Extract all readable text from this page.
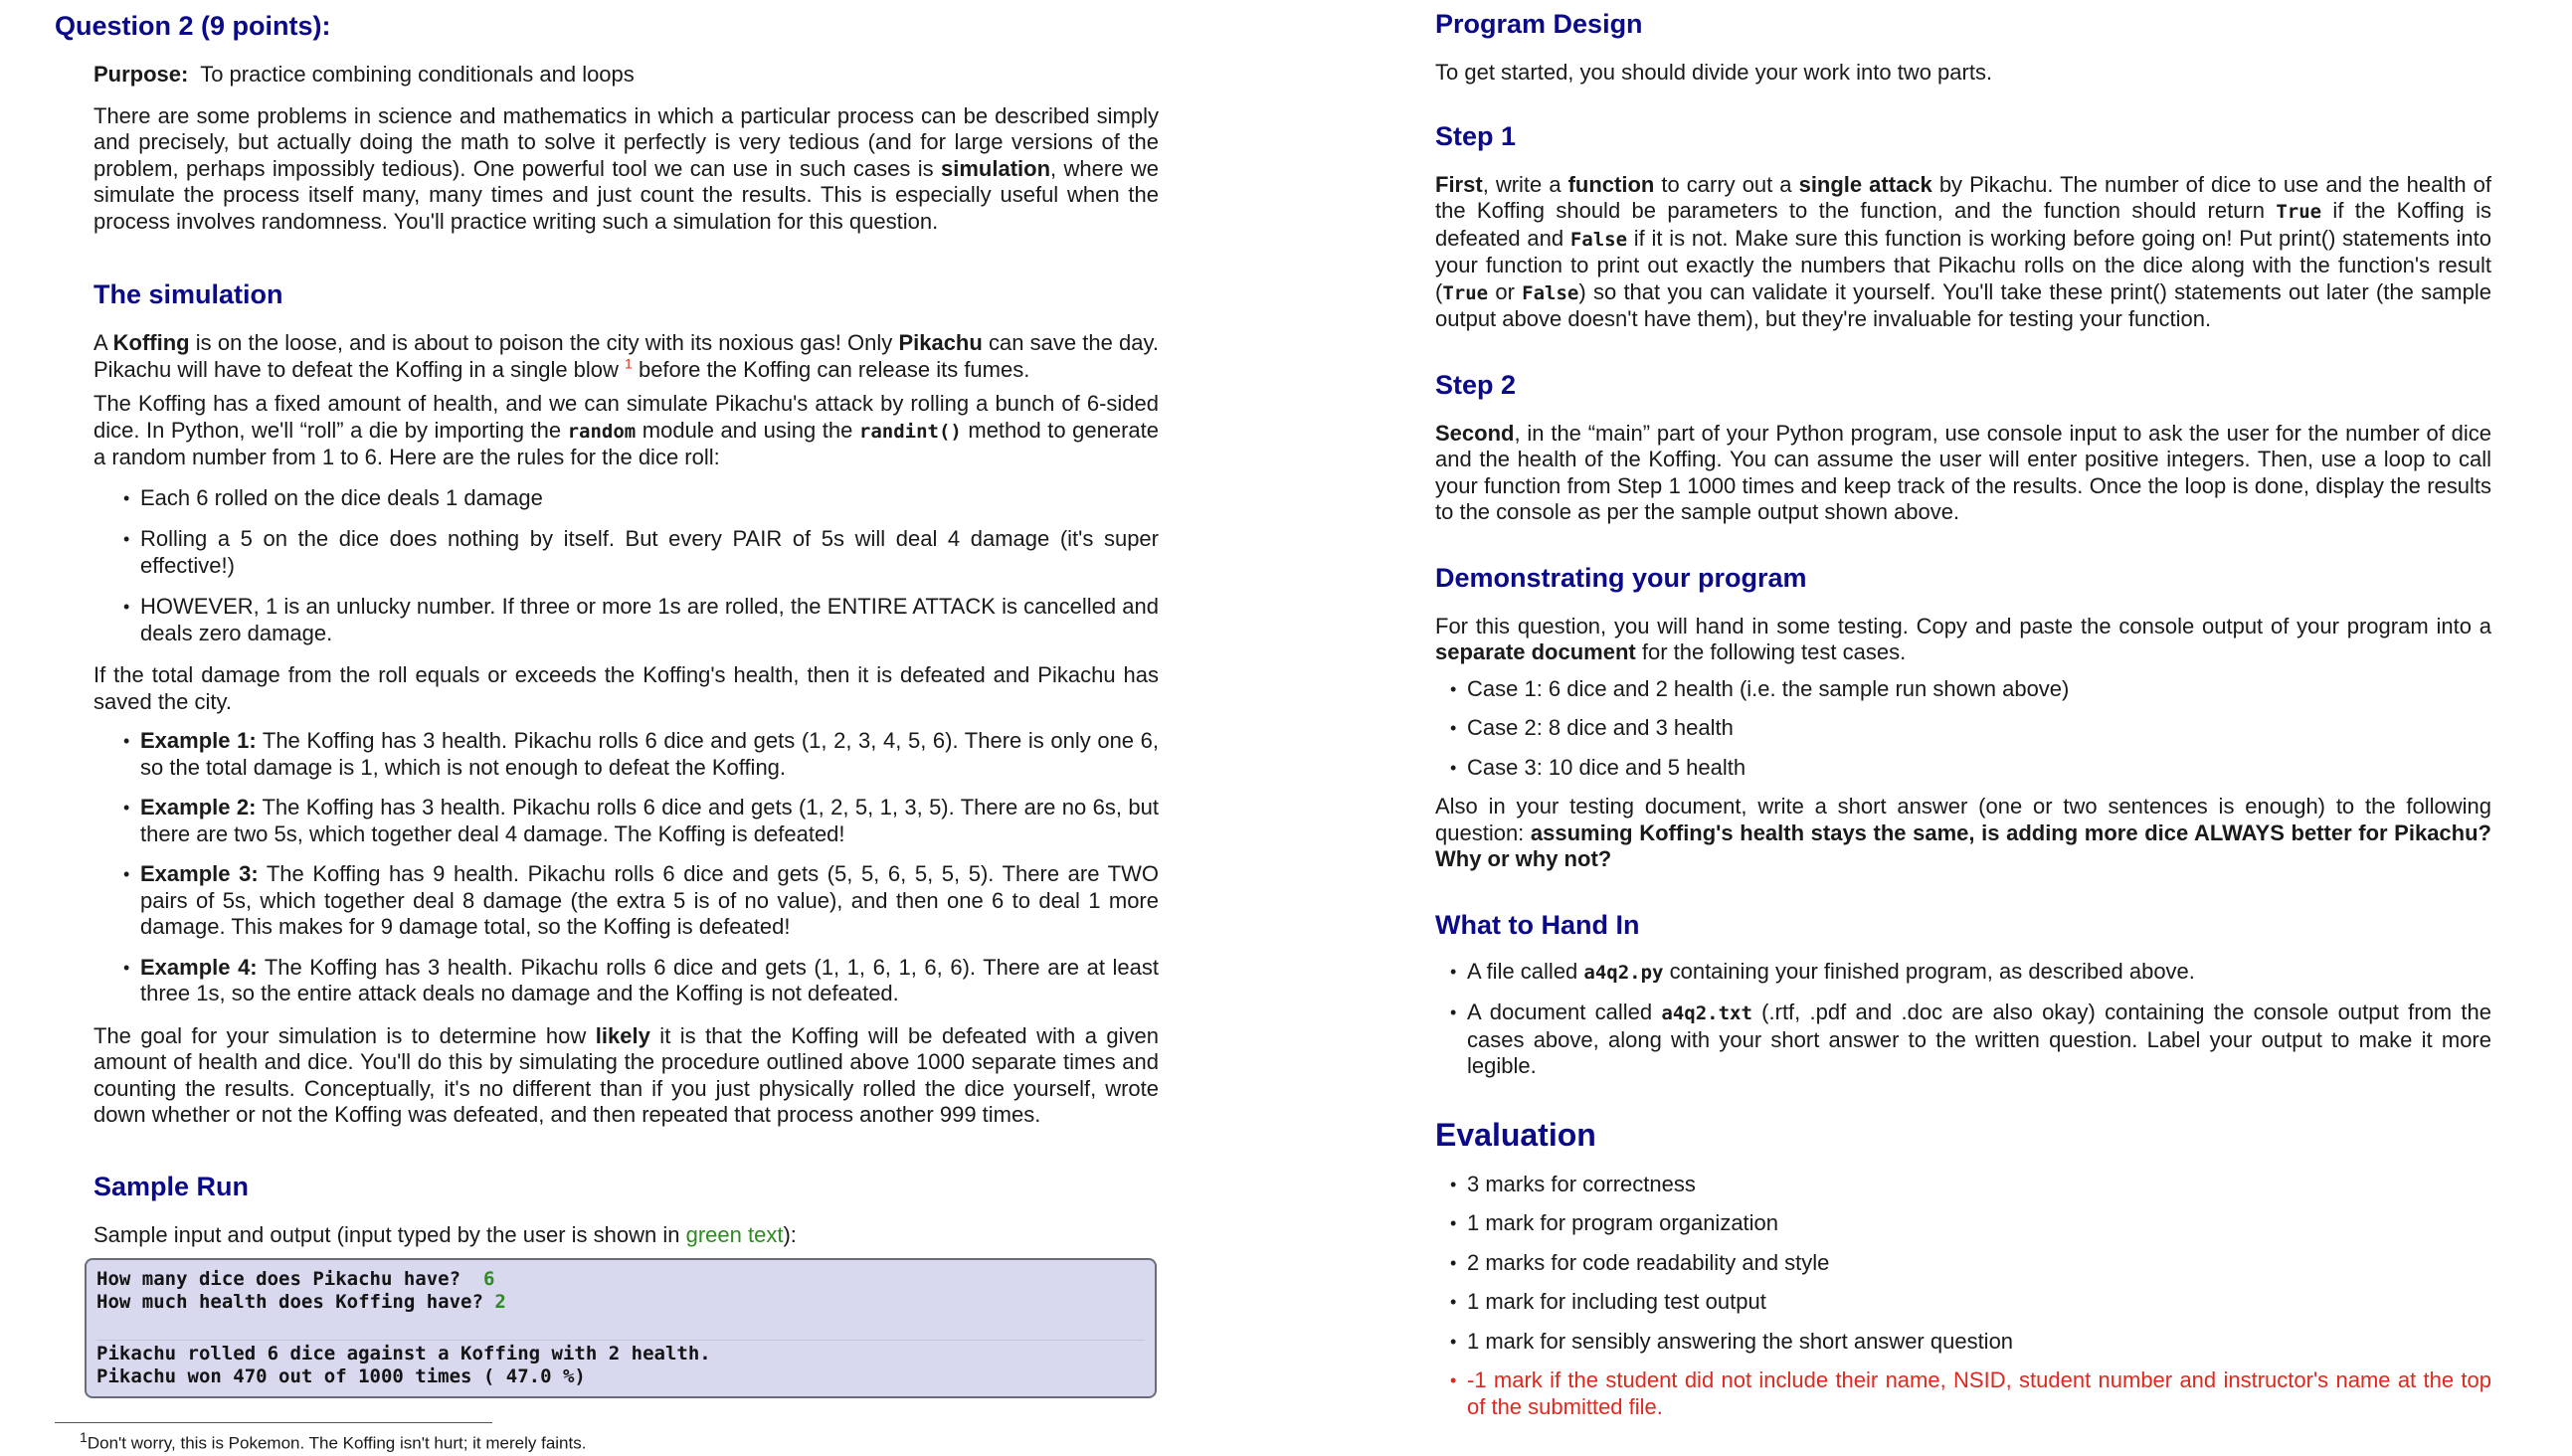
Question 2 (9 points):

Purpose: To practice combining conditionals and loops

There are some problems in science and mathematics in which a particular process can be described simply and precisely, but actually doing the math to solve it perfectly is very tedious (and for large versions of the problem, perhaps impossibly tedious). One powerful tool we can use in such cases is simulation, where we simulate the process itself many, many times and just count the results. This is especially useful when the process involves randomness. You'll practice writing such a simulation for this question.

The simulation

A Koffing is on the loose, and is about to poison the city with its noxious gas! Only Pikachu can save the day. Pikachu will have to defeat the Koffing in a single blow $^1$ before the Koffing can release its fumes.

The Koffing has a fixed amount of health, and we can simulate Pikachu's attack by rolling a bunch of 6-sided dice. In Python, we'll “roll” a die by importing the random module and using the randint() method to generate a random number from 1 to 6. Here are the rules for the dice roll:

• Each 6 rolled on the dice deals 1 damage
• Rolling a 5 on the dice does nothing by itself. But every PAIR of 5s will deal 4 damage (it's super effective!)
• HOWEVER, 1 is an unlucky number. If three or more 1s are rolled, the ENTIRE ATTACK is cancelled and deals zero damage.

If the total damage from the roll equals or exceeds the Koffing's health, then it is defeated and Pikachu has saved the city.

• Example 1: The Koffing has 3 health. Pikachu rolls 6 dice and gets (1, 2, 3, 4, 5, 6). There is only one 6, so the total damage is 1, which is not enough to defeat the Koffing.
• Example 2: The Koffing has 3 health. Pikachu rolls 6 dice and gets (1, 2, 5, 1, 3, 5). There are no 6s, but there are two 5s, which together deal 4 damage. The Koffing is defeated!
• Example 3: The Koffing has 9 health. Pikachu rolls 6 dice and gets (5, 5, 6, 5, 5, 5). There are TWO pairs of 5s, which together deal 8 damage (the extra 5 is of no value), and then one 6 to deal 1 more damage. This makes for 9 damage total, so the Koffing is defeated!
• Example 4: The Koffing has 3 health. Pikachu rolls 6 dice and gets (1, 1, 6, 1, 6, 6). There are at least three 1s, so the entire attack deals no damage and the Koffing is not defeated.

The goal for your simulation is to determine how likely it is that the Koffing will be defeated with a given amount of health and dice. You'll do this by simulating the procedure outlined above 1000 separate times and counting the results. Conceptually, it's no different than if you just physically rolled the dice yourself, wrote down whether or not the Koffing was defeated, and then repeated that process another 999 times.

Sample Run

Sample input and output (input typed by the user is shown in green text):

How many dice does Pikachu have?  6
How much health does Koffing have? 2
Pikachu rolled 6 dice against a Koffing with 2 health.
Pikachu won 470 out of 1000 times ( 47.0 %)
$^1$Don't worry, this is Pokemon. The Koffing isn't hurt; it merely faints.
Program Design

To get started, you should divide your work into two parts.

Step 1

First, write a function to carry out a single attack by Pikachu. The number of dice to use and the health of the Koffing should be parameters to the function, and the function should return True if the Koffing is defeated and False if it is not. Make sure this function is working before going on! Put print() statements into your function to print out exactly the numbers that Pikachu rolls on the dice along with the function's result (True or False) so that you can validate it yourself. You'll take these print() statements out later (the sample output above doesn't have them), but they're invaluable for testing your function.

Step 2

Second, in the “main” part of your Python program, use console input to ask the user for the number of dice and the health of the Koffing. You can assume the user will enter positive integers. Then, use a loop to call your function from Step 1 1000 times and keep track of the results. Once the loop is done, display the results to the console as per the sample output shown above.

Demonstrating your program

For this question, you will hand in some testing. Copy and paste the console output of your program into a separate document for the following test cases.

• Case 1: 6 dice and 2 health (i.e. the sample run shown above)
• Case 2: 8 dice and 3 health
• Case 3: 10 dice and 5 health

Also in your testing document, write a short answer (one or two sentences is enough) to the following question: assuming Koffing's health stays the same, is adding more dice ALWAYS better for Pikachu? Why or why not?

What to Hand In
• A file called a4q2.py containing your finished program, as described above.
• A document called a4q2.txt (.rtf, .pdf and .doc are also okay) containing the console output from the cases above, along with your short answer to the written question. Label your output to make it more legible.
Evaluation
• 3 marks for correctness
• 1 mark for program organization
• 2 marks for code readability and style
• 1 mark for including test output
• 1 mark for sensibly answering the short answer question
• -1 mark if the student did not include their name, NSID, student number and instructor's name at the top of the submitted file.
